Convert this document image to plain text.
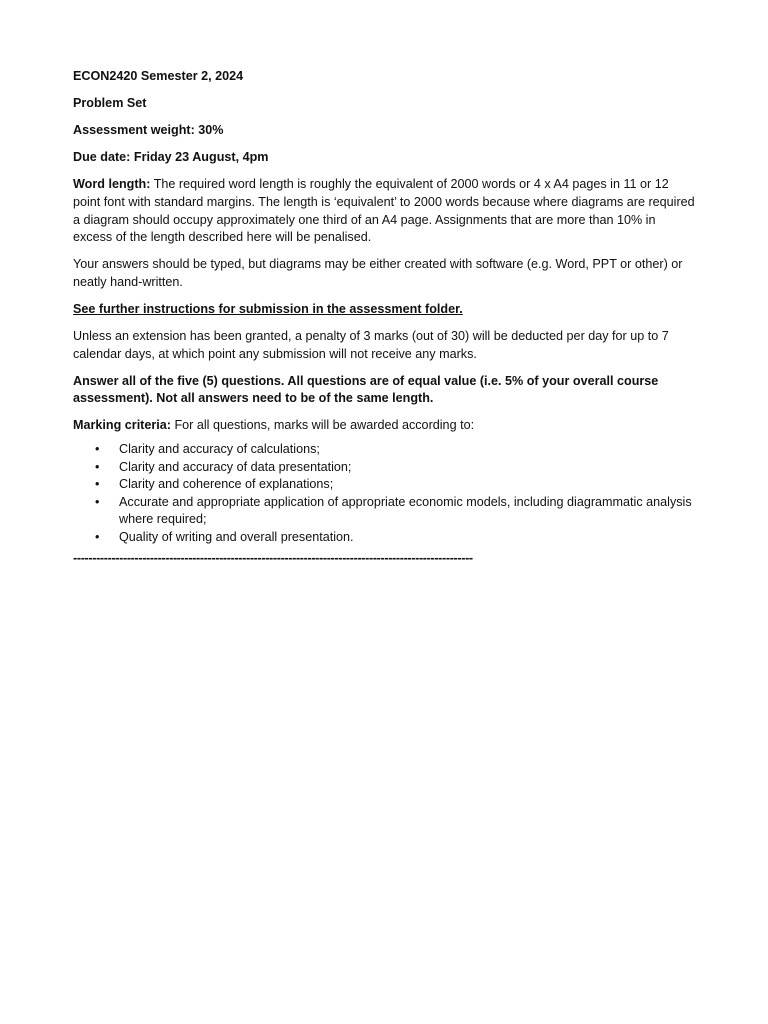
ECON2420 Semester 2, 2024

Problem Set

Assessment weight: 30%

Due date: Friday 23 August, 4pm

Word length: The required word length is roughly the equivalent of 2000 words or 4 x A4 pages in 11 or 12 point font with standard margins. The length is ‘equivalent’ to 2000 words because where diagrams are required a diagram should occupy approximately one third of an A4 page. Assignments that are more than 10% in excess of the length described here will be penalised.

Your answers should be typed, but diagrams may be either created with software (e.g. Word, PPT or other) or neatly hand-written.

See further instructions for submission in the assessment folder.

Unless an extension has been granted, a penalty of 3 marks (out of 30) will be deducted per day for up to 7 calendar days, at which point any submission will not receive any marks.

Answer all of the five (5) questions. All questions are of equal value (i.e. 5% of your overall course assessment). Not all answers need to be of the same length.

Marking criteria: For all questions, marks will be awarded according to:

• Clarity and accuracy of calculations;
• Clarity and accuracy of data presentation;
• Clarity and coherence of explanations;
• Accurate and appropriate application of appropriate economic models, including diagrammatic analysis where required;
• Quality of writing and overall presentation.
--------------------------------------------------------------------------------------------------------
